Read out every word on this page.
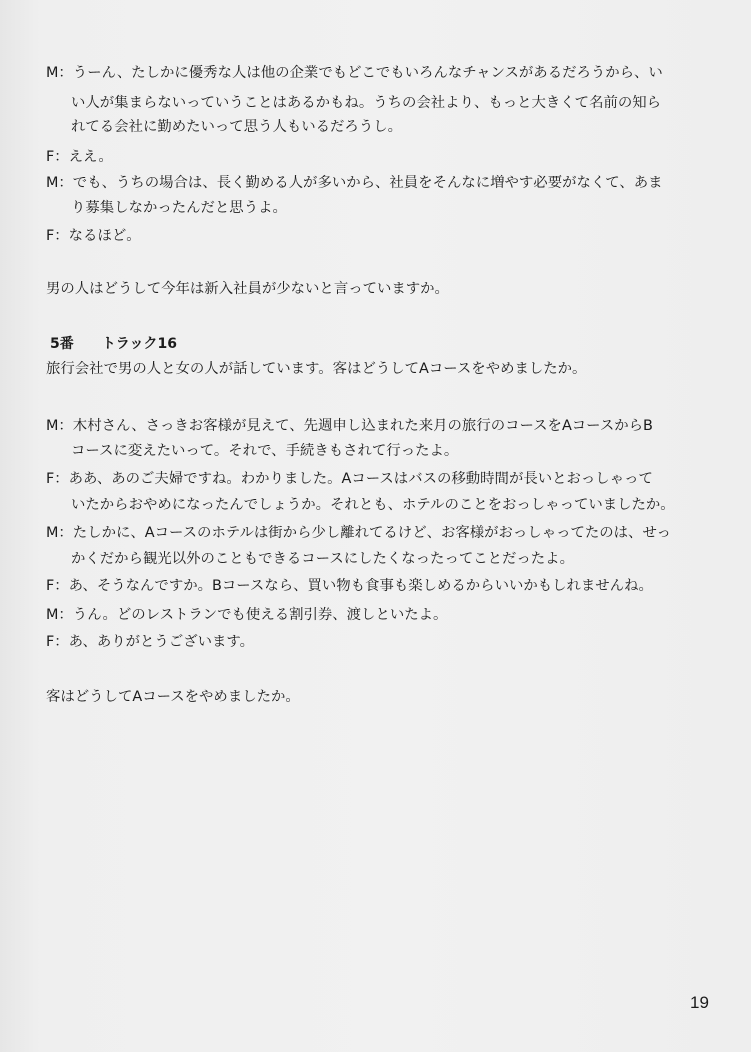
M：うーん、たしかに優秀な人は他の企業でもどこでもいろんなチャンスがあるだろうから、い
い人が集まらないっていうことはあるかもね。うちの会社より、もっと大きくて名前の知ら
れてる会社に勤めたいって思う人もいるだろうし。
F：ええ。
M：でも、うちの場合は、長く勤める人が多いから、社員をそんなに増やす必要がなくて、あま
り募集しなかったんだと思うよ。
F：なるほど。
男の人はどうして今年は新入社員が少ないと言っていますか。
5番 トラック16
旅行会社で男の人と女の人が話しています。客はどうしてAコースをやめましたか。
M：木村さん、さっきお客様が見えて、先週申し込まれた来月の旅行のコースをAコースからB
コースに変えたいって。それで、手続きもされて行ったよ。
F：ああ、あのご夫婦ですね。わかりました。Aコースはバスの移動時間が長いとおっしゃって
いたからおやめになったんでしょうか。それとも、ホテルのことをおっしゃっていましたか。
M：たしかに、Aコースのホテルは街から少し離れてるけど、お客様がおっしゃってたのは、せっ
かくだから観光以外のこともできるコースにしたくなったってことだったよ。
F：あ、そうなんですか。Bコースなら、買い物も食事も楽しめるからいいかもしれませんね。
M：うん。どのレストランでも使える割引券、渡しといたよ。
F：あ、ありがとうございます。
客はどうしてAコースをやめましたか。
19
